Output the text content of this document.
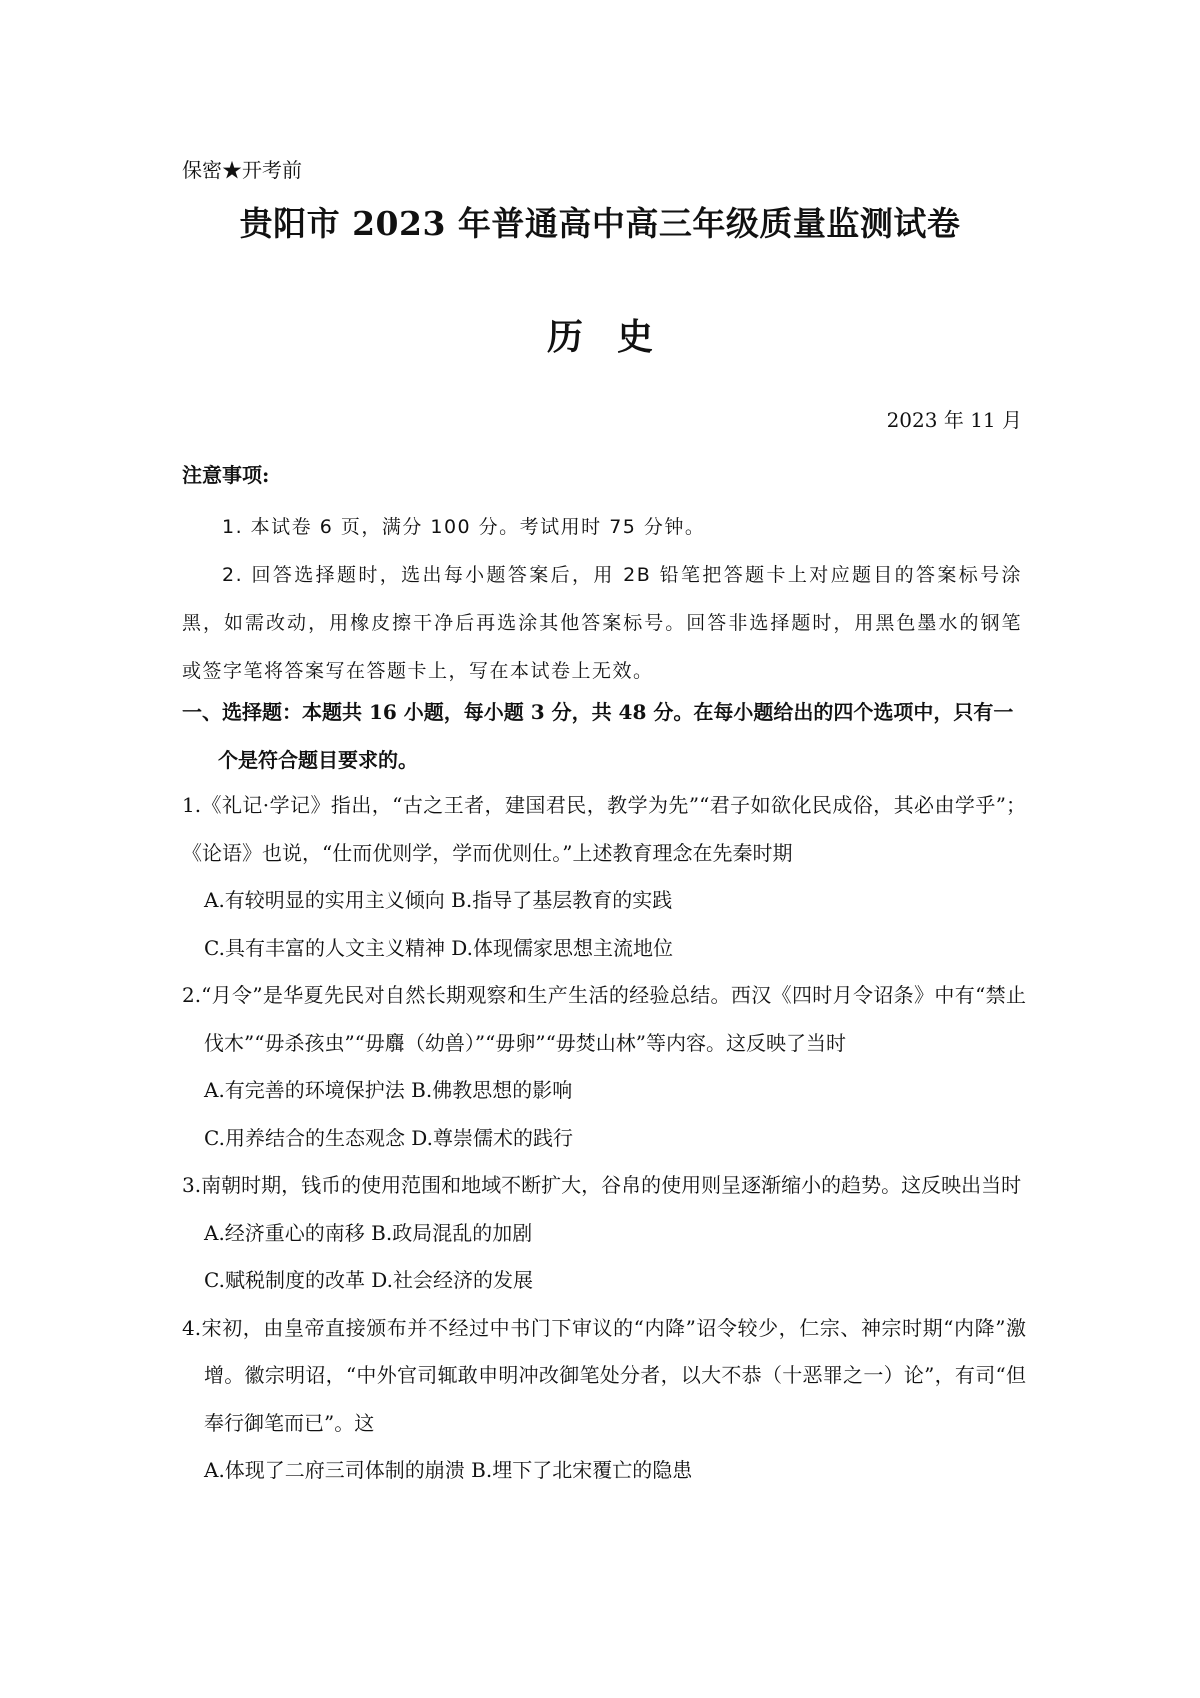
保密★开考前
贵阳市 2023 年普通高中高三年级质量监测试卷
历史
2023 年 11 月
注意事项:

1. 本试卷 6 页，满分 100 分。考试用时 75 分钟。

2. 回答选择题时，选出每小题答案后，用 2B 铅笔把答题卡上对应题目的答案标号涂黑，如需改动，用橡皮擦干净后再选涂其他答案标号。回答非选择题时，用黑色墨水的钢笔或签字笔将答案写在答题卡上，写在本试卷上无效。

一、选择题：本题共 16 小题，每小题 3 分，共 48 分。在每小题给出的四个选项中，只有一个是符合题目要求的。
1.《礼记·学记》指出，“古之王者，建国君民，教学为先”“君子如欲化民成俗，其必由学乎”；《论语》也说，“仕而优则学，学而优则仕。”上述教育理念在先秦时期
A.有较明显的实用主义倾向 B.指导了基层教育的实践
C.具有丰富的人文主义精神 D.体现儒家思想主流地位
2.“月令”是华夏先民对自然长期观察和生产生活的经验总结。西汉《四时月令诏条》中有“禁止伐木”“毋杀孩虫”“毋麛（幼兽）”“毋卵”“毋焚山林”等内容。这反映了当时
A.有完善的环境保护法 B.佛教思想的影响
C.用养结合的生态观念 D.尊崇儒术的践行
3.南朝时期，钱币的使用范围和地域不断扩大，谷帛的使用则呈逐渐缩小的趋势。这反映出当时
A.经济重心的南移 B.政局混乱的加剧
C.赋税制度的改革 D.社会经济的发展
4.宋初，由皇帝直接颁布并不经过中书门下审议的“内降”诏令较少，仁宗、神宗时期“内降”激增。徽宗明诏，“中外官司辄敢申明冲改御笔处分者，以大不恭（十恶罪之一）论”，有司“但奉行御笔而已”。这
A.体现了二府三司体制的崩溃 B.埋下了北宋覆亡的隐患
